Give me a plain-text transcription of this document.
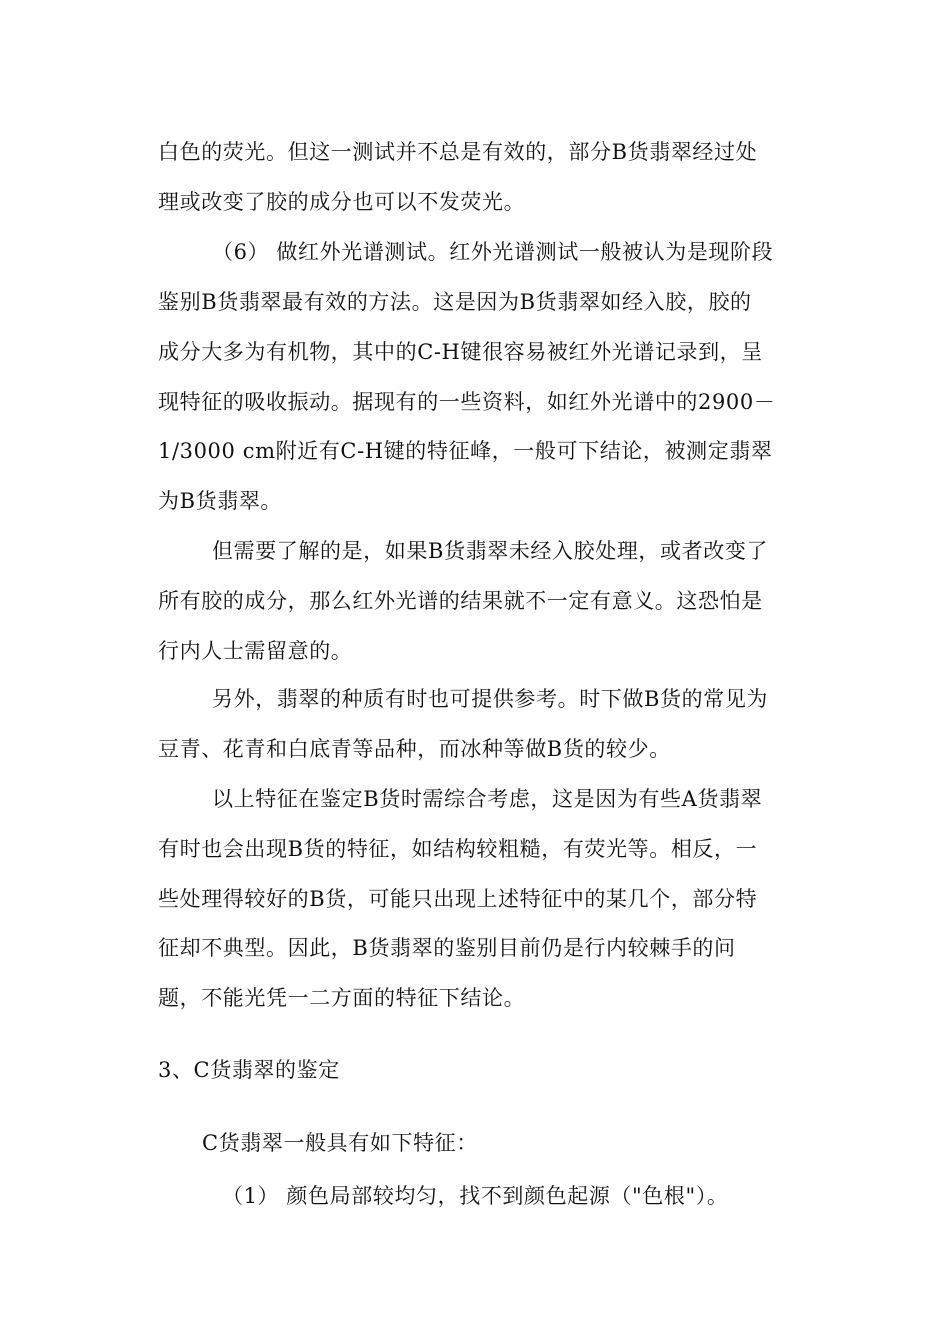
白色的荧光。但这一测试并不总是有效的，部分B货翡翠经过处

理或改变了胶的成分也可以不发荧光。

（6） 做红外光谱测试。红外光谱测试一般被认为是现阶段

鉴别B货翡翠最有效的方法。这是因为B货翡翠如经入胶，胶的

成分大多为有机物，其中的C-H键很容易被红外光谱记录到，呈

现特征的吸收振动。据现有的一些资料，如红外光谱中的2900－

1/3000 cm附近有C-H键的特征峰，一般可下结论，被测定翡翠

为B货翡翠。

但需要了解的是，如果B货翡翠未经入胶处理，或者改变了

所有胶的成分，那么红外光谱的结果就不一定有意义。这恐怕是

行内人士需留意的。

另外，翡翠的种质有时也可提供参考。时下做B货的常见为

豆青、花青和白底青等品种，而冰种等做B货的较少。

以上特征在鉴定B货时需综合考虑，这是因为有些A货翡翠

有时也会出现B货的特征，如结构较粗糙，有荧光等。相反，一

些处理得较好的B货，可能只出现上述特征中的某几个，部分特

征却不典型。因此，B货翡翠的鉴别目前仍是行内较棘手的问

题，不能光凭一二方面的特征下结论。

3、C货翡翠的鉴定

C货翡翠一般具有如下特征：

（1） 颜色局部较均匀，找不到颜色起源（"色根"）。
